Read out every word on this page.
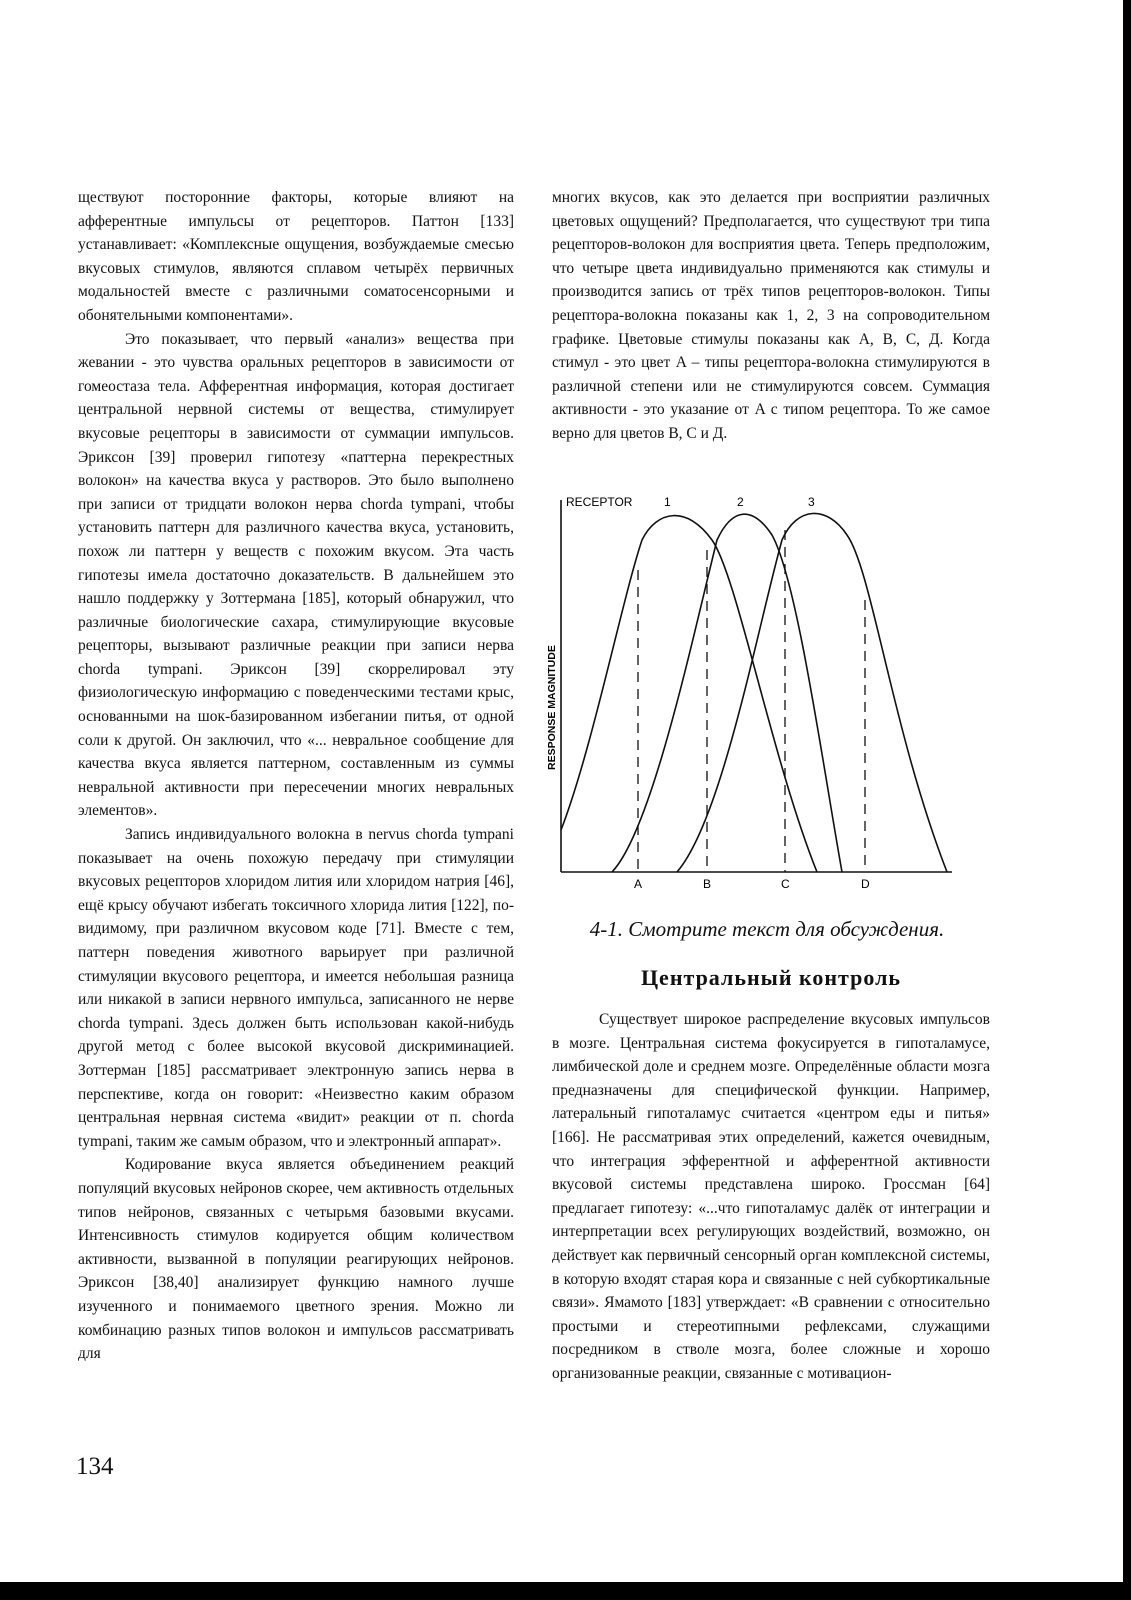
ществуют посторонние факторы, которые влияют на афферентные импульсы от рецепторов. Паттон [133] устанавливает: «Комплексные ощущения, возбуждаемые смесью вкусовых стимулов, являются сплавом четырёх первичных модальностей вместе с различными соматосенсорными и обонятельными компонентами».

Это показывает, что первый «анализ» вещества при жевании - это чувства оральных рецепторов в зависимости от гомеостаза тела. Афферентная информация, которая достигает центральной нервной системы от вещества, стимулирует вкусовые рецепторы в зависимости от суммации импульсов. Эриксон [39] проверил гипотезу «паттерна перекрестных волокон» на качества вкуса у растворов. Это было выполнено при записи от тридцати волокон нерва chorda tympani, чтобы установить паттерн для различного качества вкуса, установить, похож ли паттерн у веществ с похожим вкусом. Эта часть гипотезы имела достаточно доказательств. В дальнейшем это нашло поддержку у Зоттермана [185], который обнаружил, что различные биологические сахара, стимулирующие вкусовые рецепторы, вызывают различные реакции при записи нерва chorda tympani. Эриксон [39] скоррелировал эту физиологическую информацию с поведенческими тестами крыс, основанными на шок-базированном избегании питья, от одной соли к другой. Он заключил, что «... невральное сообщение для качества вкуса является паттерном, составленным из суммы невральной активности при пересечении многих невральных элементов».

Запись индивидуального волокна в nervus chorda tympani показывает на очень похожую передачу при стимуляции вкусовых рецепторов хлоридом лития или хлоридом натрия [46], ещё крысу обучают избегать токсичного хлорида лития [122], по-видимому, при различном вкусовом коде [71]. Вместе с тем, паттерн поведения животного варьирует при различной стимуляции вкусового рецептора, и имеется небольшая разница или никакой в записи нервного импульса, записанного не нерве chorda tympani. Здесь должен быть использован какой-нибудь другой метод с более высокой вкусовой дискриминацией. Зоттерман [185] рассматривает электронную запись нерва в перспективе, когда он говорит: «Неизвестно каким образом центральная нервная система «видит» реакции от п. chorda tympani, таким же самым образом, что и электронный аппарат».

Кодирование вкуса является объединением реакций популяций вкусовых нейронов скорее, чем активность отдельных типов нейронов, связанных с четырьмя базовыми вкусами. Интенсивность стимулов кодируется общим количеством активности, вызванной в популяции реагирующих нейронов. Эриксон [38,40] анализирует функцию намного лучше изученного и понимаемого цветного зрения. Можно ли комбинацию разных типов волокон и импульсов рассматривать для

многих вкусов, как это делается при восприятии различных цветовых ощущений? Предполагается, что существуют три типа рецепторов-волокон для восприятия цвета. Теперь предположим, что четыре цвета индивидуально применяются как стимулы и производится запись от трёх типов рецепторов-волокон. Типы рецептора-волокна показаны как 1, 2, 3 на сопроводительном графике. Цветовые стимулы показаны как A, B, C, Д. Когда стимул - это цвет A – типы рецептора-волокна стимулируются в различной степени или не стимулируются совсем. Суммация активности - это указание от A с типом рецептора. То же самое верно для цветов B, C и Д.

RECEPTOR	1	2	3
RESPONSE MAGNITUDE
A	B	C	D
4-1. Смотрите текст для обсуждения.
Центральный контроль

Существует широкое распределение вкусовых импульсов в мозге. Центральная система фокусируется в гипоталамусе, лимбической доле и среднем мозге. Определённые области мозга предназначены для специфической функции. Например, латеральный гипоталамус считается «центром еды и питья» [166]. Не рассматривая этих определений, кажется очевидным, что интеграция эфферентной и афферентной активности вкусовой системы представлена широко. Гроссман [64] предлагает гипотезу: «...что гипоталамус далёк от интеграции и интерпретации всех регулирующих воздействий, возможно, он действует как первичный сенсорный орган комплексной системы, в которую входят старая кора и связанные с ней субкортикальные связи». Ямамото [183] утверждает: «В сравнении с относительно простыми и стереотипными рефлексами, служащими посредником в стволе мозга, более сложные и хорошо организованные реакции, связанные с мотивацион-

134
